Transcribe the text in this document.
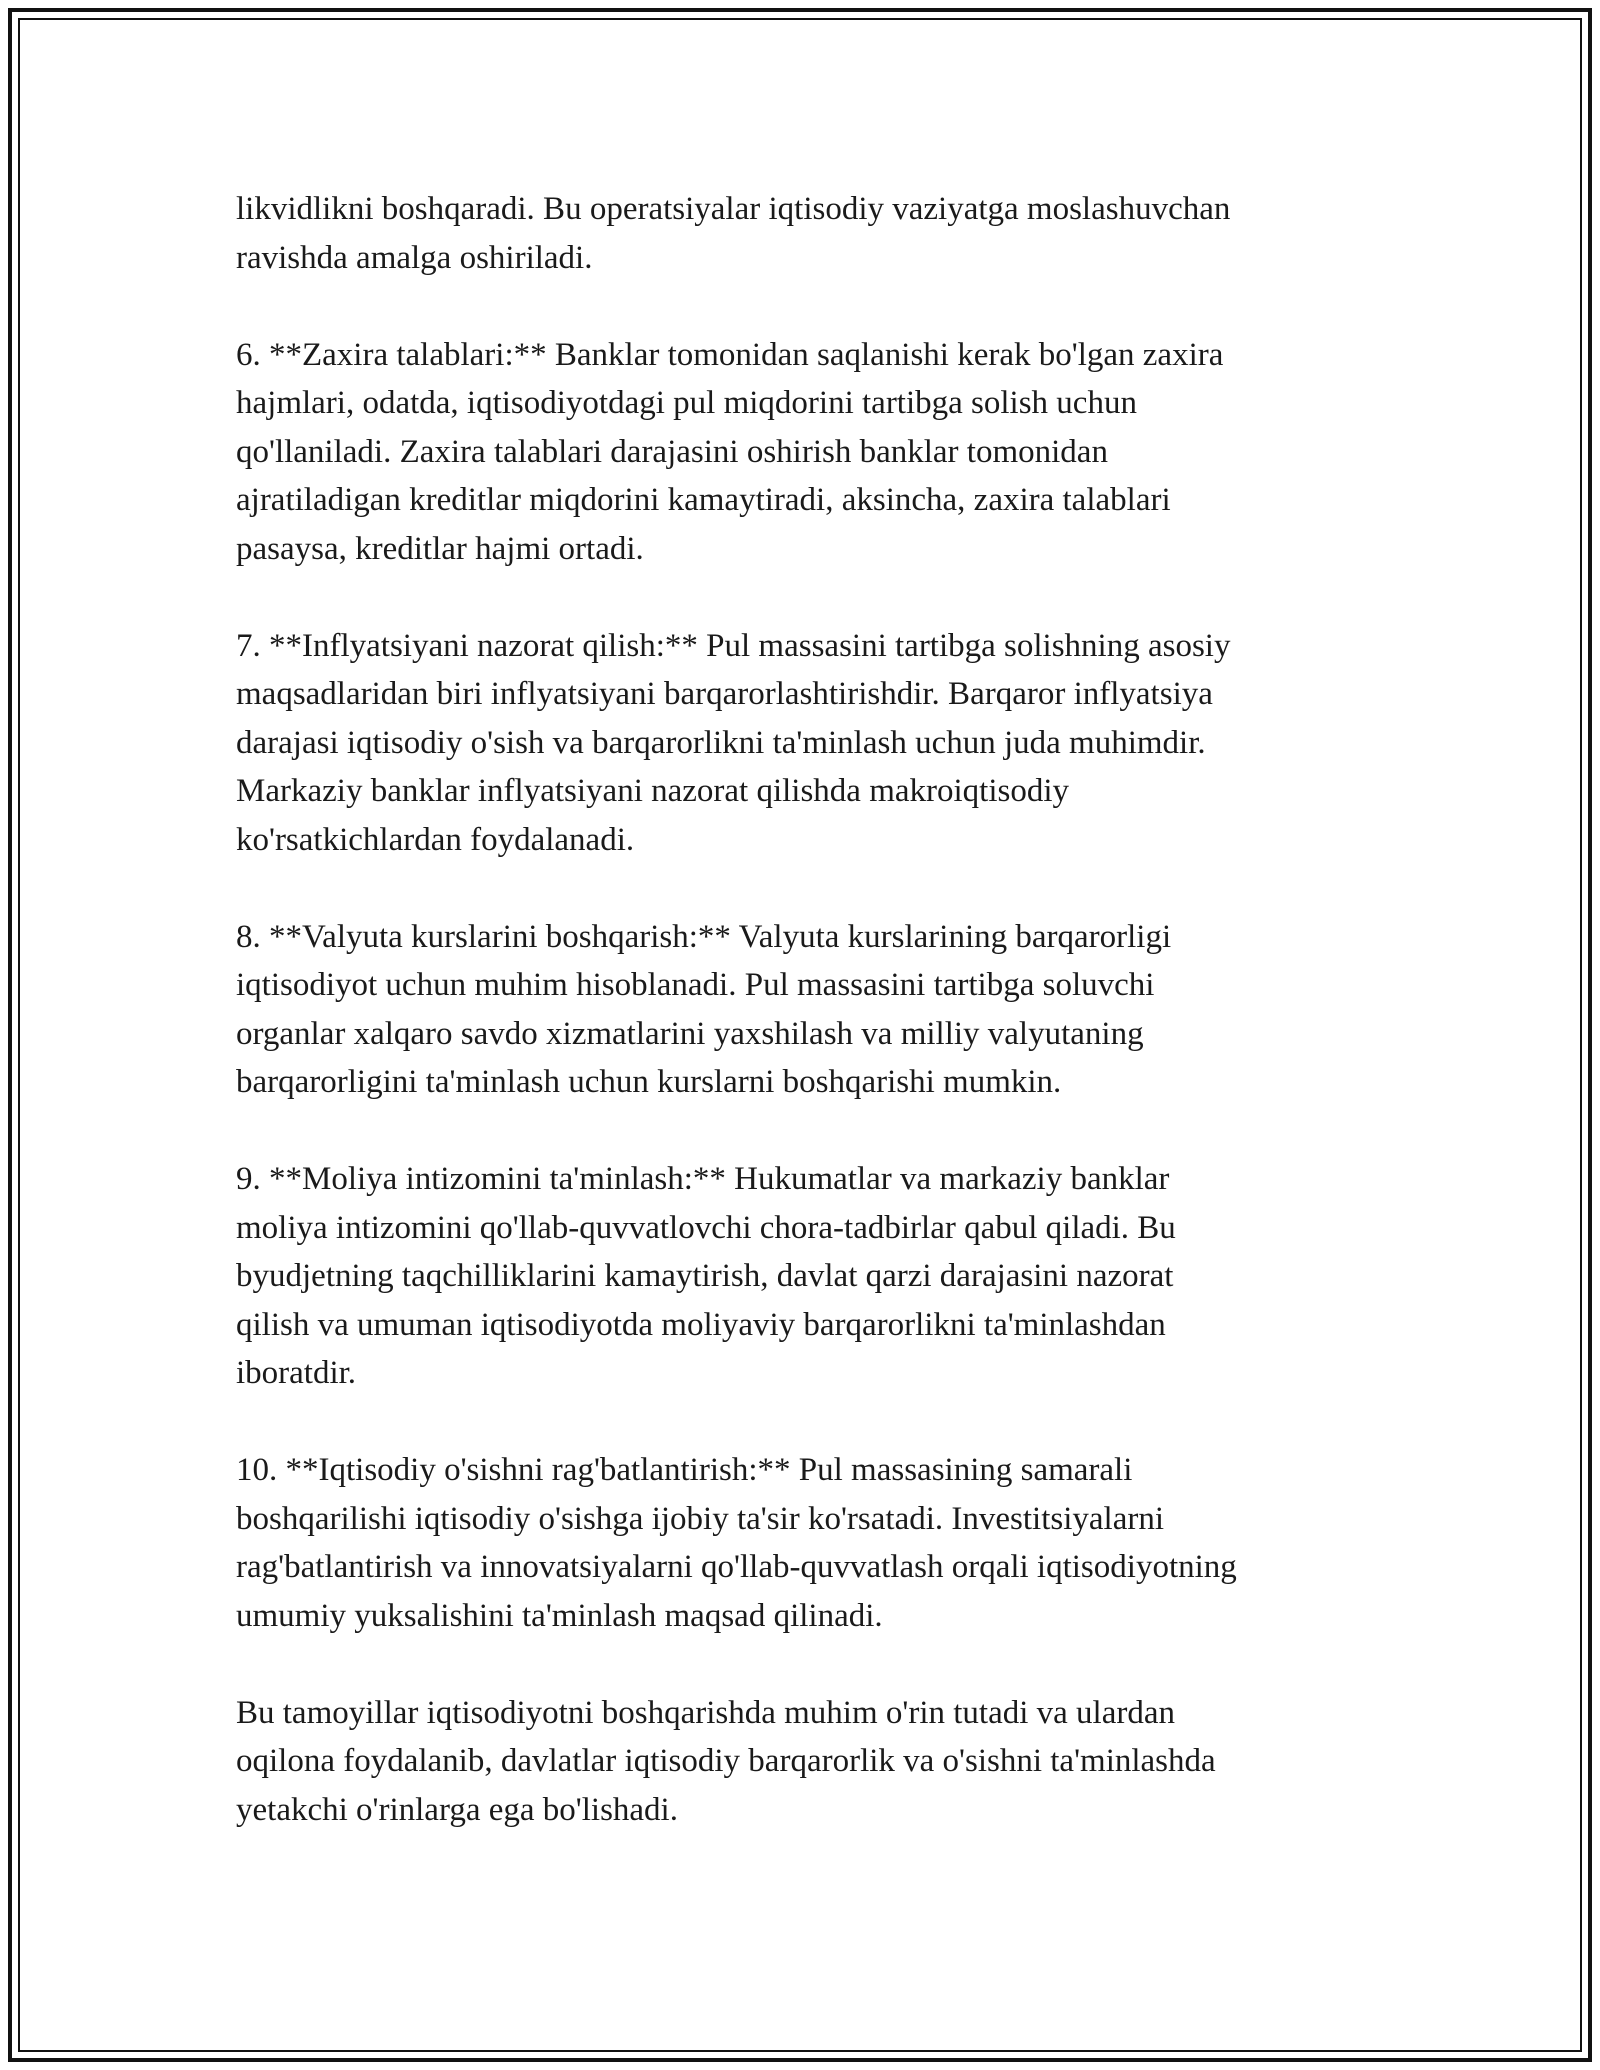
likvidlikni boshqaradi. Bu operatsiyalar iqtisodiy vaziyatga moslashuvchan
ravishda amalga oshiriladi.

6. **Zaxira talablari:** Banklar tomonidan saqlanishi kerak bo'lgan zaxira
hajmlari, odatda, iqtisodiyotdagi pul miqdorini tartibga solish uchun
qo'llaniladi. Zaxira talablari darajasini oshirish banklar tomonidan
ajratiladigan kreditlar miqdorini kamaytiradi, aksincha, zaxira talablari
pasaysa, kreditlar hajmi ortadi.

7. **Inflyatsiyani nazorat qilish:** Pul massasini tartibga solishning asosiy
maqsadlaridan biri inflyatsiyani barqarorlashtirishdir. Barqaror inflyatsiya
darajasi iqtisodiy o'sish va barqarorlikni ta'minlash uchun juda muhimdir.
Markaziy banklar inflyatsiyani nazorat qilishda makroiqtisodiy
ko'rsatkichlardan foydalanadi.

8. **Valyuta kurslarini boshqarish:** Valyuta kurslarining barqarorligi
iqtisodiyot uchun muhim hisoblanadi. Pul massasini tartibga soluvchi
organlar xalqaro savdo xizmatlarini yaxshilash va milliy valyutaning
barqarorligini ta'minlash uchun kurslarni boshqarishi mumkin.

9. **Moliya intizomini ta'minlash:** Hukumatlar va markaziy banklar
moliya intizomini qo'llab-quvvatlovchi chora-tadbirlar qabul qiladi. Bu
byudjetning taqchilliklarini kamaytirish, davlat qarzi darajasini nazorat
qilish va umuman iqtisodiyotda moliyaviy barqarorlikni ta'minlashdan
iboratdir.

10. **Iqtisodiy o'sishni rag'batlantirish:** Pul massasining samarali
boshqarilishi iqtisodiy o'sishga ijobiy ta'sir ko'rsatadi. Investitsiyalarni
rag'batlantirish va innovatsiyalarni qo'llab-quvvatlash orqali iqtisodiyotning
umumiy yuksalishini ta'minlash maqsad qilinadi.

Bu tamoyillar iqtisodiyotni boshqarishda muhim o'rin tutadi va ulardan
oqilona foydalanib, davlatlar iqtisodiy barqarorlik va o'sishni ta'minlashda
yetakchi o'rinlarga ega bo'lishadi.
